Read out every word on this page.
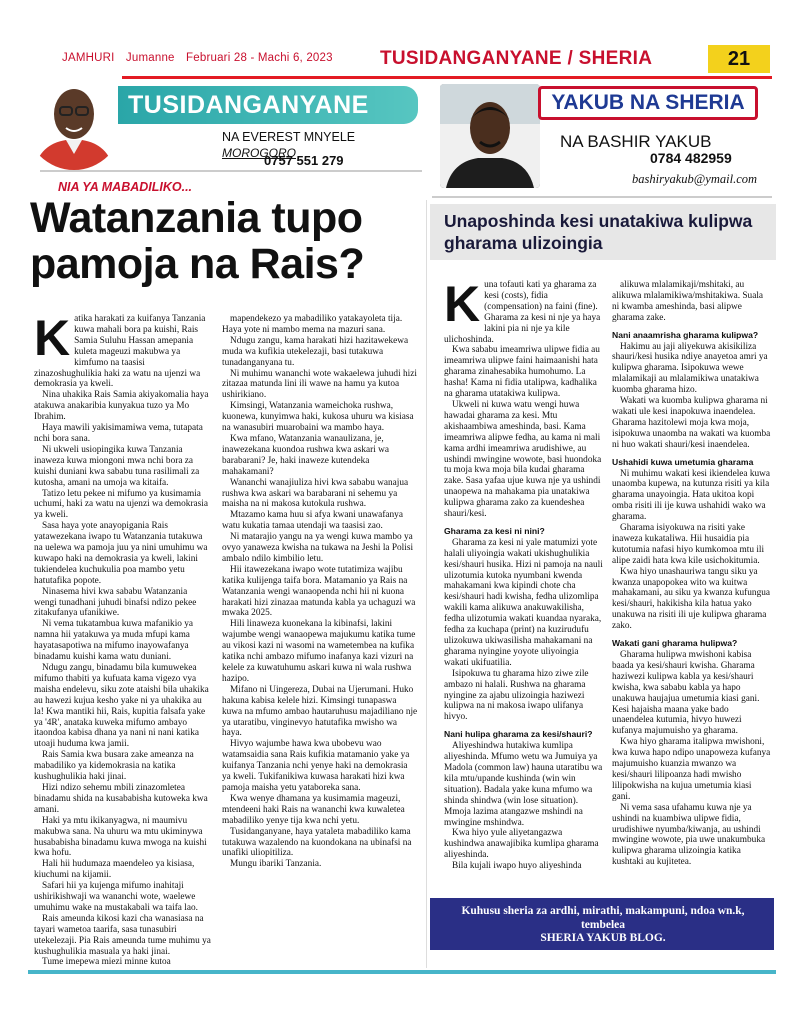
JAMHURI Jumanne Februari 28 - Machi 6, 2023	TUSIDANGANYANE / SHERIA	21
TUSIDANGANYANE
NA EVEREST MNYELE
MOROGORO
0757 551 279
NIA YA MABADILIKO...
Watanzania tupo
pamoja na Rais?
YAKUB NA SHERIA
NA BASHIR YAKUB
0784 482959
bashiryakub@ymail.com
Unaposhinda kesi unatakiwa kulipwa gharama ulizoingia
K atika harakati za kuifanya Tanzania kuwa mahali bora pa kuishi, Rais Samia Suluhu Hassan amepania kuleta mageuzi makubwa ya kimfumo na taasisi zinazoshughulikia haki za watu na ujenzi wa demokrasia ya kweli.

Nina uhakika Rais Samia akiyakomalia haya atakuwa anakaribia kunyakua tuzo ya Mo Ibrahim.

Haya mawili yakisimamiwa vema, tutapata nchi bora sana.

Ni ukweli usiopingika kuwa Tanzania inaweza kuwa miongoni mwa nchi bora za kuishi duniani kwa sababu tuna rasilimali za kutosha, amani na umoja wa kitaifa.

Tatizo letu pekee ni mifumo ya kusimamia uchumi, haki za watu na ujenzi wa demokrasia ya kweli.

Sasa haya yote anayopigania Rais yatawezekana iwapo tu Watanzania tutakuwa na uelewa wa pamoja juu ya nini umuhimu wa kuwapo haki na demokrasia ya kweli, lakini tukiendelea kuchukulia poa mambo yetu hatutafika popote.

Ninasema hivi kwa sababu Watanzania wengi tunadhani juhudi binafsi ndizo pekee zitakufanya ufanikiwe.

Ni vema tukatambua kuwa mafanikio ya namna hii yatakuwa ya muda mfupi kama hayatasapotiwa na mifumo inayowafanya binadamu kuishi kama watu duniani.

Ndugu zangu, binadamu bila kumuwekea mifumo thabiti ya kufuata kama vigezo vya maisha endelevu, siku zote ataishi bila uhakika au hawezi kujua kesho yake ni ya uhakika au la! Kwa mantiki hii, Rais, kupitia falsafa yake ya '4R', anataka kuweka mifumo ambayo itaondoa kabisa dhana ya nani ni nani katika utoaji huduma kwa jamii.

Rais Samia kwa busara zake ameanza na mabadiliko ya kidemokrasia na katika kushughulikia haki jinai.

Hizi ndizo sehemu mbili zinazomletea binadamu shida na kusababisha kutoweka kwa amani.

Haki ya mtu ikikanyagwa, ni maumivu makubwa sana. Na uhuru wa mtu ukiminywa husababisha binadamu kuwa mwoga na kuishi kwa hofu.

Hali hii hudumaza maendeleo ya kisiasa, kiuchumi na kijamii.

Safari hii ya kujenga mifumo inahitaji ushirikishwaji wa wananchi wote, waelewe umuhimu wake na mustakabali wa taifa lao.

Rais ameunda kikosi kazi cha wanasiasa na tayari wametoa taarifa, sasa tunasubiri utekelezaji. Pia Rais ameunda tume muhimu ya kushughulikia masuala ya haki jinai.

Tume imepewa miezi minne kutoa

mapendekezo ya mabadiliko yatakayoleta tija. Haya yote ni mambo mema na mazuri sana.

Ndugu zangu, kama harakati hizi hazitawekewa muda wa kufikia utekelezaji, basi tutakuwa tunadanganyana tu.

Ni muhimu wananchi wote wakaelewa juhudi hizi zitazaa matunda lini ili wawe na hamu ya kutoa ushirikiano.

Kimsingi, Watanzania wameichoka rushwa, kuonewa, kunyimwa haki, kukosa uhuru wa kisiasa na wanasubiri muarobaini wa mambo haya.

Kwa mfano, Watanzania wanaulizana, je, inawezekana kuondoa rushwa kwa askari wa barabarani? Je, haki inaweze kutendeka mahakamani?

Wananchi wanajiuliza hivi kwa sababu wanajua rushwa kwa askari wa barabarani ni sehemu ya maisha na ni makosa kutokula rushwa.

Mtazamo kama huu si afya kwani unawafanya watu kukatia tamaa utendaji wa taasisi zao.

Ni matarajio yangu na ya wengi kuwa mambo ya ovyo yanaweza kwisha na tukawa na Jeshi la Polisi ambalo ndilo kimbilio letu.

Hii itawezekana iwapo wote tutatimiza wajibu katika kulijenga taifa bora. Matamanio ya Rais na Watanzania wengi wanaopenda nchi hii ni kuona harakati hizi zinazaa matunda kabla ya uchaguzi wa mwaka 2025.

Hili linaweza kuonekana la kibinafsi, lakini wajumbe wengi wanaopewa majukumu katika tume au vikosi kazi ni wasomi na wametembea na kufika katika nchi ambazo mifumo inafanya kazi vizuri na kelele za kuwatuhumu askari kuwa ni wala rushwa hazipo.

Mifano ni Uingereza, Dubai na Ujerumani. Huko hakuna kabisa kelele hizi. Kimsingi tunapaswa kuwa na mfumo ambao hautaruhusu majadiliano nje ya utaratibu, vinginevyo hatutafika mwisho wa haya.

Hivyo wajumbe hawa kwa ubobevu wao watamsaidia sana Rais kufikia matamanio yake ya kuifanya Tanzania nchi yenye haki na demokrasia ya kweli. Tukifanikiwa kuwasa harakati hizi kwa pamoja maisha yetu yataboreka sana.

Kwa wenye dhamana ya kusimamia mageuzi, mtendeeni haki Rais na wananchi kwa kuwaletea mabadiliko yenye tija kwa nchi yetu.

Tusidanganyane, haya yataleta mabadiliko kama tutakuwa wazalendo na kuondokana na ubinafsi na unafiki uliopitiliza.

Mungu ibariki Tanzania.

K una tofauti kati ya gharama za kesi (costs), fidia (compensation) na faini (fine). Gharama za kesi ni nje ya haya lakini pia ni nje ya kile ulichoshinda.

Kwa sababu imeamriwa ulipwe fidia au imeamriwa ulipwe faini haimaanishi hata gharama zinahesabika humohumo. La hasha! Kama ni fidia utalipwa, kadhalika na gharama utatakiwa kulipwa.

Ukweli ni kuwa watu wengi huwa hawadai gharama za kesi. Mtu akishaambiwa ameshinda, basi. Kama imeamriwa alipwe fedha, au kama ni mali kama ardhi imeamriwa arudishiwe, au ushindi mwingine wowote, basi huondoka tu moja kwa moja bila kudai gharama zake. Sasa yafaa ujue kuwa nje ya ushindi unaopewa na mahakama pia unatakiwa kulipwa gharama zako za kuendeshea shauri/kesi.

Gharama za kesi ni nini?

Gharama za kesi ni yale matumizi yote halali uliyoingia wakati ukishughulikia kesi/shauri husika. Hizi ni pamoja na nauli ulizotumia kutoka nyumbani kwenda mahakamani kwa kipindi chote cha kesi/shauri hadi kwisha, fedha ulizomlipa wakili kama alikuwa anakuwakilisha, fedha ulizotumia wakati kuandaa nyaraka, fedha za kuchapa (print) na kuzirudufu ulizokuwa ukiwasilisha mahakamani na gharama nyingine yoyote uliyoingia wakati ukifuatilia.

Isipokuwa tu gharama hizo ziwe zile ambazo ni halali. Rushwa na gharama nyingine za ajabu ulizoingia haziwezi kulipwa na ni makosa iwapo ulifanya hivyo.

Nani hulipa gharama za kesi/shauri?

Aliyeshindwa hutakiwa kumlipa aliyeshinda. Mfumo wetu wa Jumuiya ya Madola (common law) hauna utaratibu wa kila mtu/upande kushinda (win win situation). Badala yake kuna mfumo wa shinda shindwa (win lose situation). Mmoja lazima atangazwe mshindi na mwingine mshindwa.

Kwa hiyo yule aliyetangazwa kushindwa anawajibika kumlipa gharama aliyeshinda.

Bila kujali iwapo huyo aliyeshinda

alikuwa mlalamikaji/mshitaki, au alikuwa mlalamikiwa/mshitakiwa. Suala ni kwamba ameshinda, basi alipwe gharama zake.

Nani anaamrisha gharama kulipwa?

Hakimu au jaji aliyekuwa akisikiliza shauri/kesi husika ndiye anayetoa amri ya kulipwa gharama. Isipokuwa wewe mlalamikaji au mlalamikiwa unatakiwa kuomba gharama hizo.

Wakati wa kuomba kulipwa gharama ni wakati ule kesi inapokuwa inaendelea. Gharama hazitolewi moja kwa moja, isipokuwa unaomba na wakati wa kuomba ni huo wakati shauri/kesi inaendelea.

Ushahidi kuwa umetumia gharama

Ni muhimu wakati kesi ikiendelea kuwa unaomba kupewa, na kutunza risiti ya kila gharama unayoingia. Hata ukitoa kopi omba risiti ili ije kuwa ushahidi wako wa gharama.

Gharama isiyokuwa na risiti yake inaweza kukataliwa. Hii husaidia pia kutotumia nafasi hiyo kumkomoa mtu ili alipe zaidi hata kwa kile usichokitumia.

Kwa hiyo unashauriwa tangu siku ya kwanza unapopokea wito wa kuitwa mahakamani, au siku ya kwanza kufungua kesi/shauri, hakikisha kila hatua yako unakuwa na risiti ili uje kulipwa gharama zako.

Wakati gani gharama hulipwa?

Gharama hulipwa mwishoni kabisa baada ya kesi/shauri kwisha. Gharama haziwezi kulipwa kabla ya kesi/shauri kwisha, kwa sababu kabla ya hapo unakuwa haujajua umetumia kiasi gani. Kesi hajaisha maana yake bado unaendelea kutumia, hivyo huwezi kufanya majumuisho ya gharama.

Kwa hiyo gharama italipwa mwishoni, kwa kuwa hapo ndipo unapoweza kufanya majumuisho kuanzia mwanzo wa kesi/shauri lilipoanza hadi mwisho lilipokwisha na kujua umetumia kiasi gani.

Ni vema sasa ufahamu kuwa nje ya ushindi na kuambiwa ulipwe fidia, urudishiwe nyumba/kiwanja, au ushindi mwingine wowote, pia uwe unakumbuka kulipwa gharama ulizoingia katika kushtaki au kujitetea.

Kuhusu sheria za ardhi, mirathi, makampuni, ndoa wn.k, tembelea
SHERIA YAKUB BLOG.
